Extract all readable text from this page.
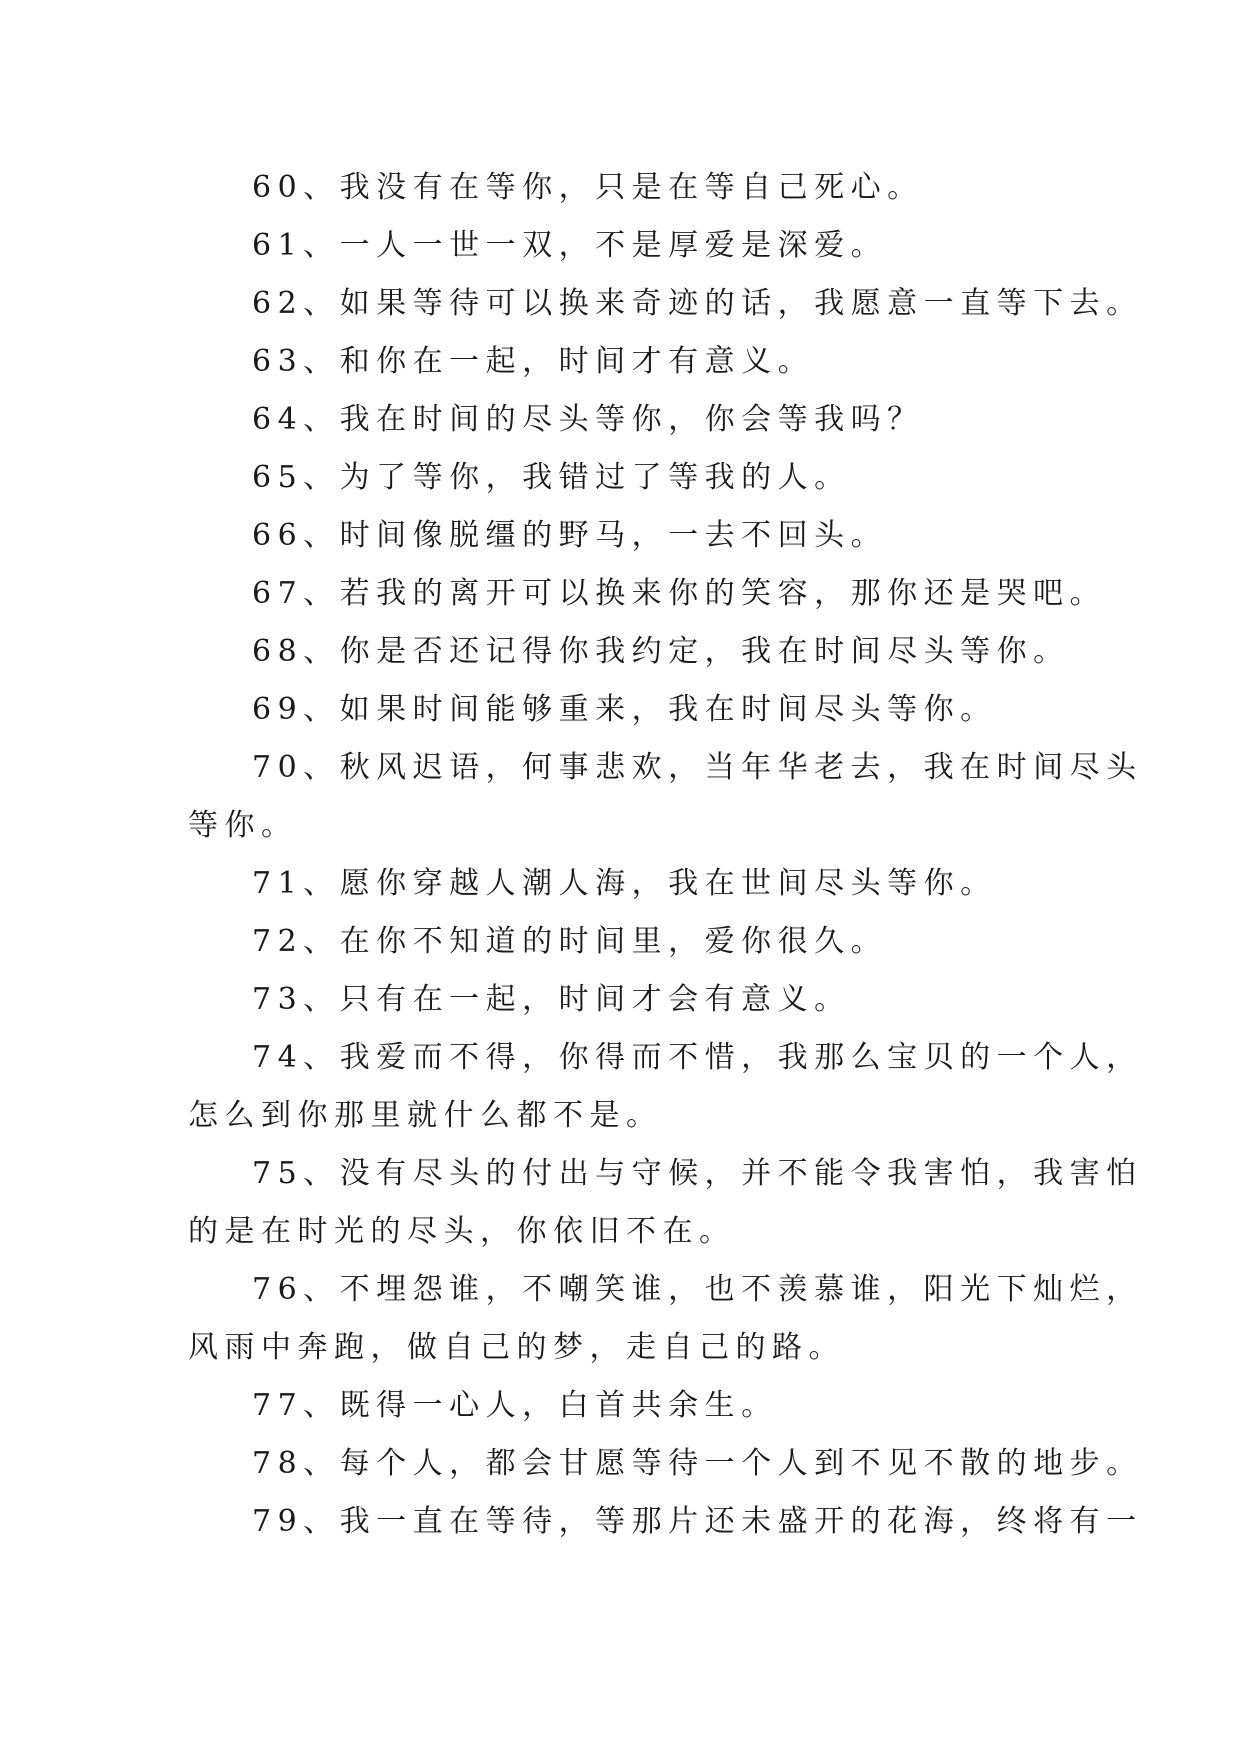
60、我没有在等你，只是在等自己死心。
61、一人一世一双，不是厚爱是深爱。
62、如果等待可以换来奇迹的话，我愿意一直等下去。
63、和你在一起，时间才有意义。
64、我在时间的尽头等你，你会等我吗？
65、为了等你，我错过了等我的人。
66、时间像脱缰的野马，一去不回头。
67、若我的离开可以换来你的笑容，那你还是哭吧。
68、你是否还记得你我约定，我在时间尽头等你。
69、如果时间能够重来，我在时间尽头等你。
70、秋风迟语，何事悲欢，当年华老去，我在时间尽头
等你。
71、愿你穿越人潮人海，我在世间尽头等你。
72、在你不知道的时间里，爱你很久。
73、只有在一起，时间才会有意义。
74、我爱而不得，你得而不惜，我那么宝贝的一个人，
怎么到你那里就什么都不是。
75、没有尽头的付出与守候，并不能令我害怕，我害怕
的是在时光的尽头，你依旧不在。
76、不埋怨谁，不嘲笑谁，也不羡慕谁，阳光下灿烂，
风雨中奔跑，做自己的梦，走自己的路。
77、既得一心人，白首共余生。
78、每个人，都会甘愿等待一个人到不见不散的地步。
79、我一直在等待，等那片还未盛开的花海，终将有一
